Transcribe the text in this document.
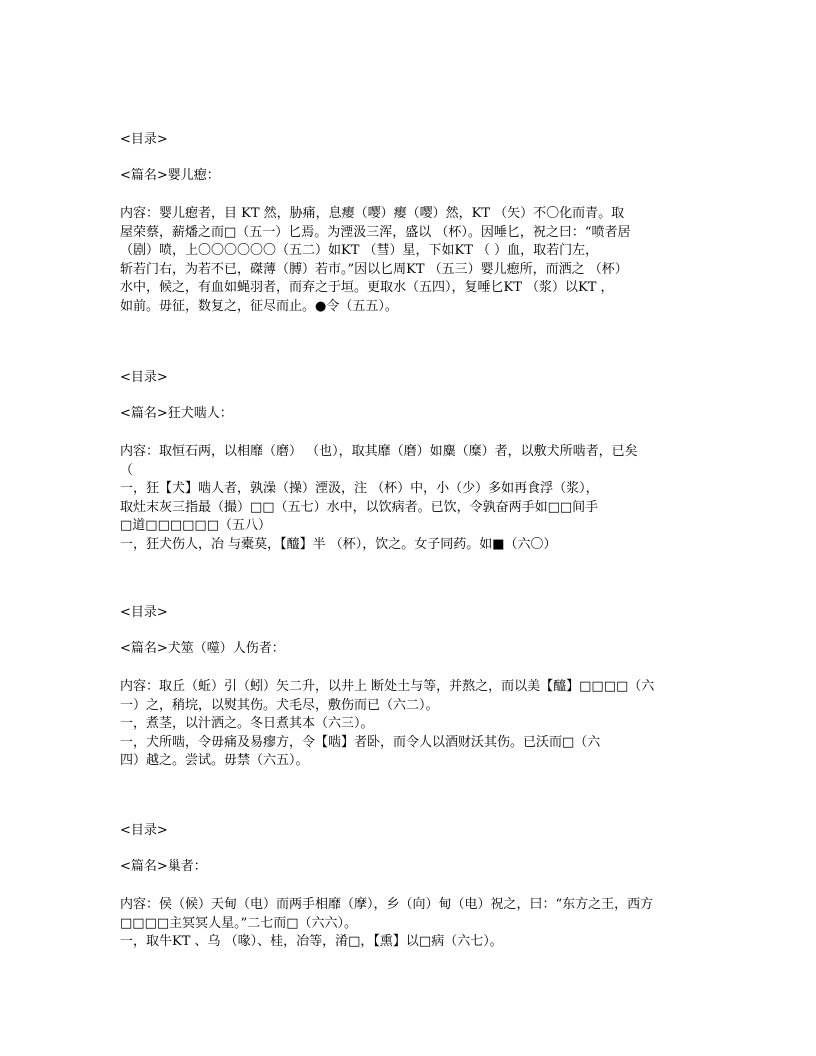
<目录>
<篇名>婴儿瘛：
内容：婴儿瘛者，目 KT 然，胁痛，息瘿（嘤）瘿（嘤）然，KT （矢）不〇化而青。取
屋荣蔡，薪燔之而□（五一）匕焉。为湮汲三浑，盛以 （杯）。因唾匕，祝之曰：“喷者居
（剧）喷，上〇〇〇〇〇〇（五二）如KT （彗）星，下如KT （ ）血，取若门左，
斩若门右，为若不已，磔薄（膊）若市。”因以匕周KT （五三）婴儿瘛所，而洒之 （杯）
水中，候之，有血如蝇羽者，而弃之于垣。更取水（五四），复唾匕KT （浆）以KT ，
如前。毋征，数复之，征尽而止。●令（五五）。
<目录>
<篇名>狂犬啮人：
内容：取恒石两，以相靡（磨） （也），取其靡（磨）如麋（糜）者，以敷犬所啮者，已矣
（
一，狂【犬】啮人者，孰澡（操）湮汲，注 （杯）中，小（少）多如再食浮（浆），
取灶末灰三指最（撮）□□（五七）水中，以饮病者。已饮，令孰奋两手如□□间手
□道□□□□□□（五八）
一，狂犬伤人，冶 与橐莫，【醯】半 （杯），饮之。女子同药。如■（六〇）
<目录>
<篇名>犬筮（噬）人伤者：
内容：取丘（蚯）引（蚓）矢二升，以井上 断处土与等，并熬之，而以美【醯】□□□□（六
一）之，稍垸，以熨其伤。犬毛尽，敷伤而已（六二）。
一，煮茎，以汁洒之。冬日煮其本（六三）。
一，犬所啮，令毋痛及易瘳方，令【啮】者卧，而令人以酒财沃其伤。已沃而□（六
四）越之。尝试。毋禁（六五）。
<目录>
<篇名>巢者：
内容：侯（候）天甸（电）而两手相靡（摩），乡（向）甸（电）祝之，曰：“东方之王，西方
□□□□主冥冥人星。”二七而□（六六）。
一，取牛KT 、乌 （喙）、桂，冶等，淆□，【熏】以□病（六七）。
